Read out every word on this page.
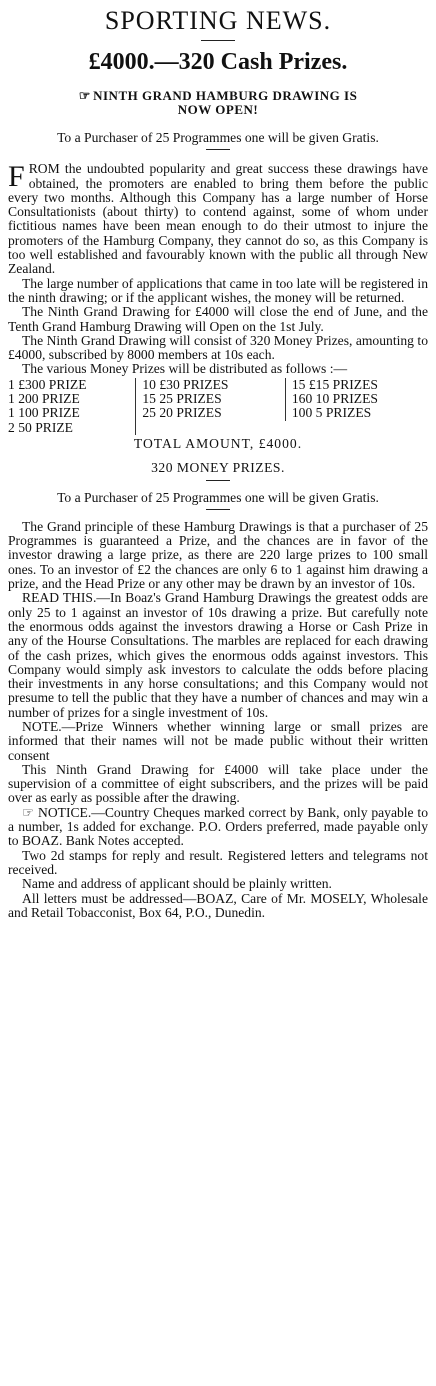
SPORTING NEWS.
£4000.—320 Cash Prizes.
☞ NINTH GRAND HAMBURG DRAWING IS
NOW OPEN!
To a Purchaser of 25 Programmes one will be given Gratis.
F ROM the undoubted popularity and great success these drawings have obtained, the promoters are enabled to bring them before the public every two months. Although this Company has a large number of Horse Consultationists (about thirty) to contend against, some of whom under fictitious names have been mean enough to do their utmost to injure the promoters of the Hamburg Company, they cannot do so, as this Company is too well established and favourably known with the public all through New Zealand.

The large number of applications that came in too late will be registered in the ninth drawing; or if the applicant wishes, the money will be returned.

The Ninth Grand Drawing for £4000 will close the end of June, and the Tenth Grand Hamburg Drawing will Open on the 1st July.

The Ninth Grand Drawing will consist of 320 Money Prizes, amounting to £4000, subscribed by 8000 members at 10s each.

The various Money Prizes will be distributed as follows :—

1 £300 PRIZE	10 £30 PRIZES	15 £15 PRIZES
1 200 PRIZE	15 25 PRIZES	160 10 PRIZES
1 100 PRIZE	25 20 PRIZES	100 5 PRIZES
2 50 PRIZE		
TOTAL AMOUNT, £4000.
320 MONEY PRIZES.
To a Purchaser of 25 Programmes one will be given Gratis.

The Grand principle of these Hamburg Drawings is that a purchaser of 25 Programmes is guaranteed a Prize, and the chances are in favor of the investor drawing a large prize, as there are 220 large prizes to 100 small ones. To an investor of £2 the chances are only 6 to 1 against him drawing a prize, and the Head Prize or any other may be drawn by an investor of 10s.

READ THIS.—In Boaz's Grand Hamburg Drawings the greatest odds are only 25 to 1 against an investor of 10s drawing a prize. But carefully note the enormous odds against the investors drawing a Horse or Cash Prize in any of the Hourse Consultations. The marbles are replaced for each drawing of the cash prizes, which gives the enormous odds against investors. This Company would simply ask investors to calculate the odds before placing their investments in any horse consultations; and this Company would not presume to tell the public that they have a number of chances and may win a number of prizes for a single investment of 10s.

NOTE.—Prize Winners whether winning large or small prizes are informed that their names will not be made public without their written consent

This Ninth Grand Drawing for £4000 will take place under the supervision of a committee of eight subscribers, and the prizes will be paid over as early as possible after the drawing.

☞ NOTICE.—Country Cheques marked correct by Bank, only payable to a number, 1s added for exchange. P.O. Orders preferred, made payable only to BOAZ. Bank Notes accepted.

Two 2d stamps for reply and result. Registered letters and telegrams not received.

Name and address of applicant should be plainly written.

All letters must be addressed—BOAZ, Care of Mr. MOSELY, Wholesale and Retail Tobacconist, Box 64, P.O., Dunedin.
